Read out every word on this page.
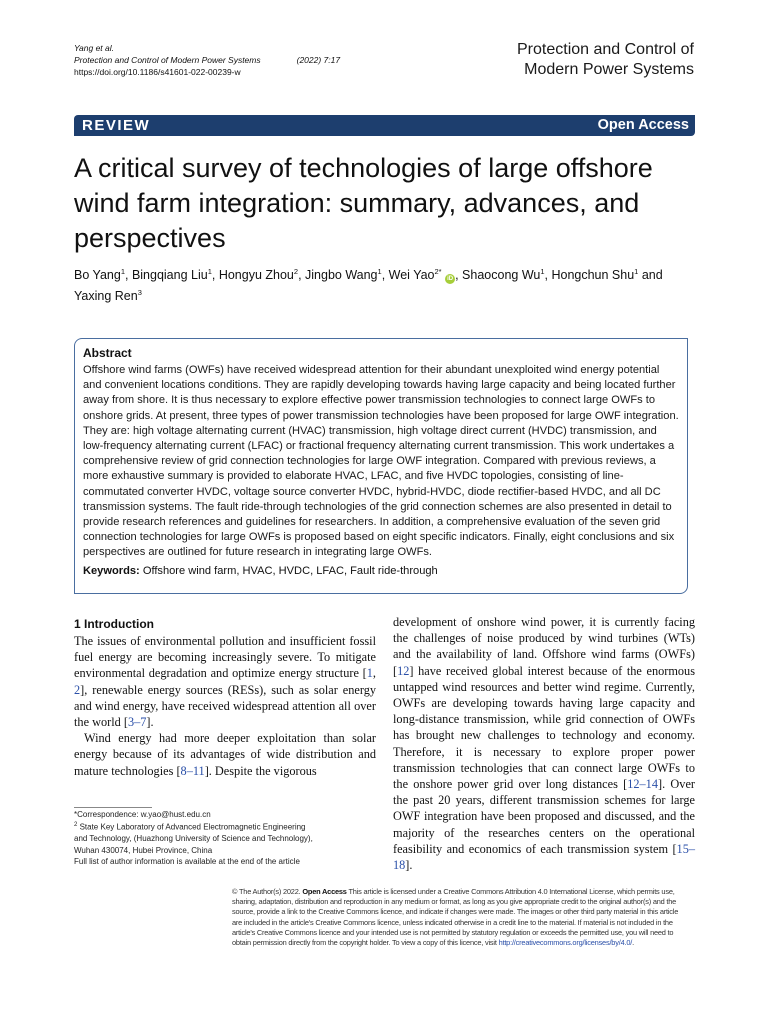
Yang et al.
Protection and Control of Modern Power Systems	(2022) 7:17
https://doi.org/10.1186/s41601-022-00239-w
Protection and Control of
Modern Power Systems
REVIEW	Open Access
A critical survey of technologies of large offshore wind farm integration: summary, advances, and perspectives
Bo Yang$^1$, Bingqiang Liu$^1$, Hongyu Zhou$^2$, Jingbo Wang$^1$, Wei Yao$^{2*}$ iD , Shaocong Wu$^1$, Hongchun Shu$^1$ and Yaxing Ren$^3$
Abstract
Offshore wind farms (OWFs) have received widespread attention for their abundant unexploited wind energy potential and convenient locations conditions. They are rapidly developing towards having large capacity and being located further away from shore. It is thus necessary to explore effective power transmission technologies to connect large OWFs to onshore grids. At present, three types of power transmission technologies have been proposed for large OWF integration. They are: high voltage alternating current (HVAC) transmission, high voltage direct current (HVDC) transmission, and low-frequency alternating current (LFAC) or fractional frequency alternating current transmission. This work undertakes a comprehensive review of grid connection technologies for large OWF integration. Compared with previous reviews, a more exhaustive summary is provided to elaborate HVAC, LFAC, and five HVDC topologies, consisting of line-commutated converter HVDC, voltage source converter HVDC, hybrid-HVDC, diode rectifier-based HVDC, and all DC transmission systems. The fault ride-through technologies of the grid connection schemes are also presented in detail to provide research references and guidelines for researchers. In addition, a comprehensive evaluation of the seven grid connection technologies for large OWFs is proposed based on eight specific indicators. Finally, eight conclusions and six perspectives are outlined for future research in integrating large OWFs.
Keywords: Offshore wind farm, HVAC, HVDC, LFAC, Fault ride-through
1 Introduction

The issues of environmental pollution and insufficient fossil fuel energy are becoming increasingly severe. To mitigate environmental degradation and optimize energy structure [1, 2], renewable energy sources (RESs), such as solar energy and wind energy, have received widespread attention all over the world [3–7].

Wind energy had more deeper exploitation than solar energy because of its advantages of wide distribution and mature technologies [8–11]. Despite the vigorous

development of onshore wind power, it is currently facing the challenges of noise produced by wind turbines (WTs) and the availability of land. Offshore wind farms (OWFs) [12] have received global interest because of the enormous untapped wind resources and better wind regime. Currently, OWFs are developing towards having large capacity and long-distance transmission, while grid connection of OWFs has brought new challenges to technology and economy. Therefore, it is necessary to explore proper power transmission technologies that can connect large OWFs to the onshore power grid over long distances [12–14]. Over the past 20 years, different transmission schemes for large OWF integration have been proposed and discussed, and the majority of the researches centers on the operational feasibility and economics of each transmission system [15–18].

*Correspondence: w.yao@hust.edu.cn
$^2$ State Key Laboratory of Advanced Electromagnetic Engineering
and Technology, (Huazhong University of Science and Technology),
Wuhan 430074, Hubei Province, China
Full list of author information is available at the end of the article
© The Author(s) 2022. Open Access This article is licensed under a Creative Commons Attribution 4.0 International License, which permits use, sharing, adaptation, distribution and reproduction in any medium or format, as long as you give appropriate credit to the original author(s) and the source, provide a link to the Creative Commons licence, and indicate if changes were made. The images or other third party material in this article are included in the article's Creative Commons licence, unless indicated otherwise in a credit line to the material. If material is not included in the article's Creative Commons licence and your intended use is not permitted by statutory regulation or exceeds the permitted use, you will need to obtain permission directly from the copyright holder. To view a copy of this licence, visit http://creativecommons.org/licenses/by/4.0/.
